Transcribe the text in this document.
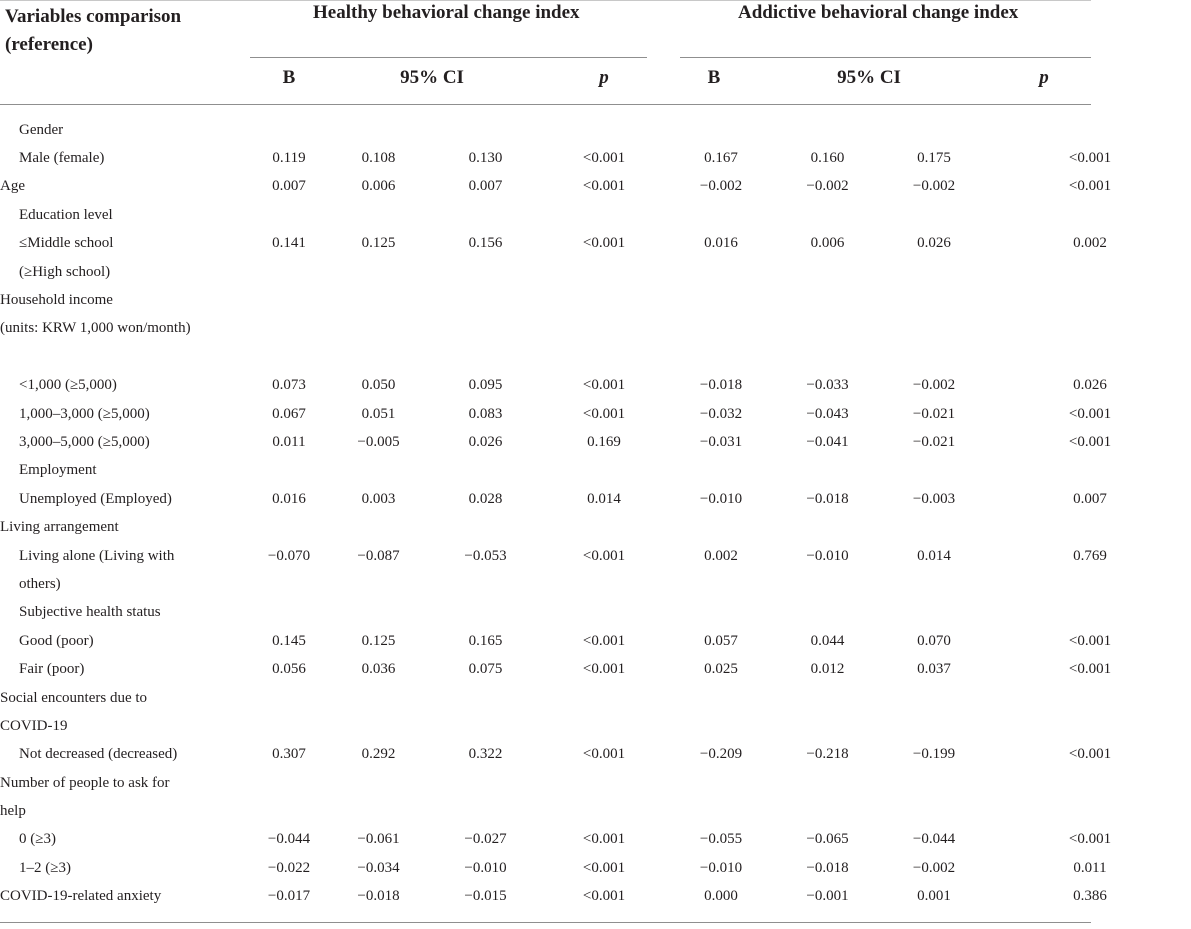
Variables comparison (reference)
Healthy behavioral change index	Addictive behavioral change index
B	95% CI	p	B	95% CI	p
Gender								
Male (female)	0.119	0.108	0.130	<0.001	0.167	0.160	0.175	<0.001
Age	0.007	0.006	0.007	<0.001	−0.002	−0.002	−0.002	<0.001
Education level								
≤Middle school	0.141	0.125	0.156	<0.001	0.016	0.006	0.026	0.002
(≥High school)								
Household income								
(units: KRW 1,000 won/month)								

<1,000 (≥5,000)	0.073	0.050	0.095	<0.001	−0.018	−0.033	−0.002	0.026
1,000–3,000 (≥5,000)	0.067	0.051	0.083	<0.001	−0.032	−0.043	−0.021	<0.001
3,000–5,000 (≥5,000)	0.011	−0.005	0.026	0.169	−0.031	−0.041	−0.021	<0.001
Employment								
Unemployed (Employed)	0.016	0.003	0.028	0.014	−0.010	−0.018	−0.003	0.007
Living arrangement								
Living alone (Living with	−0.070	−0.087	−0.053	<0.001	0.002	−0.010	0.014	0.769
others)								
Subjective health status								
Good (poor)	0.145	0.125	0.165	<0.001	0.057	0.044	0.070	<0.001
Fair (poor)	0.056	0.036	0.075	<0.001	0.025	0.012	0.037	<0.001
Social encounters due to								
COVID-19								
Not decreased (decreased)	0.307	0.292	0.322	<0.001	−0.209	−0.218	−0.199	<0.001
Number of people to ask for								
help								
0 (≥3)	−0.044	−0.061	−0.027	<0.001	−0.055	−0.065	−0.044	<0.001
1–2 (≥3)	−0.022	−0.034	−0.010	<0.001	−0.010	−0.018	−0.002	0.011
COVID-19-related anxiety	−0.017	−0.018	−0.015	<0.001	0.000	−0.001	0.001	0.386
